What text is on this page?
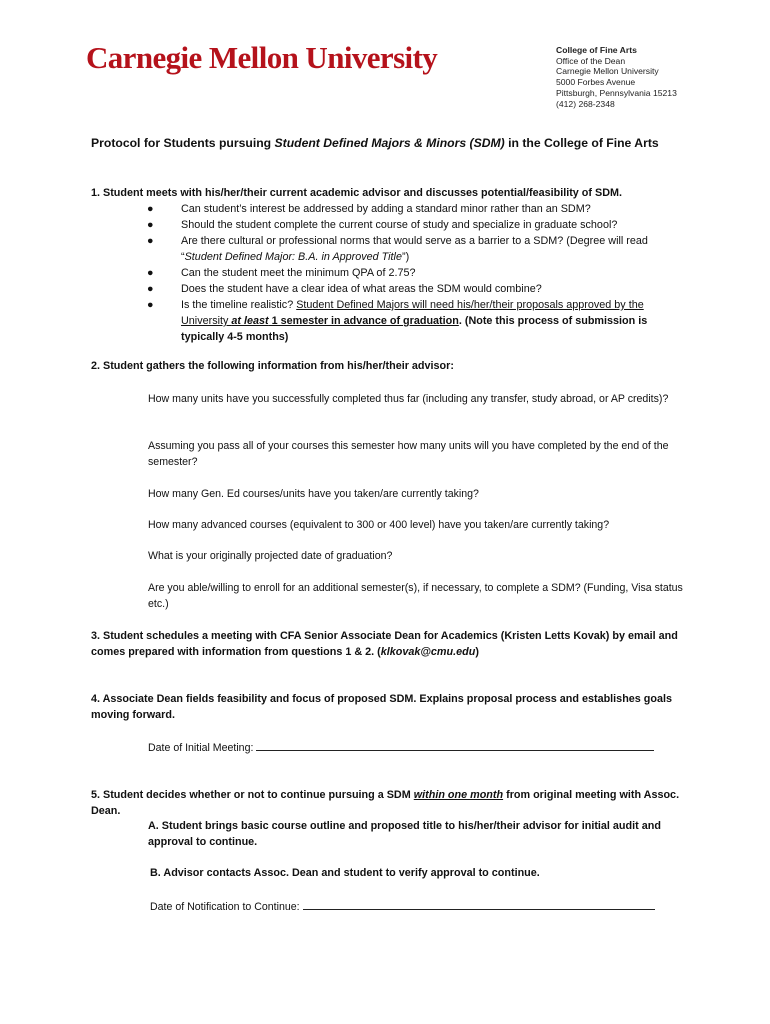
Carnegie Mellon University	College of Fine Arts
Office of the Dean
Carnegie Mellon University
5000 Forbes Avenue
Pittsburgh, Pennsylvania 15213
(412) 268-2348
Protocol for Students pursuing Student Defined Majors & Minors (SDM) in the College of Fine Arts
1. Student meets with his/her/their current academic advisor and discusses potential/feasibility of SDM.
●	Can student’s interest be addressed by adding a standard minor rather than an SDM?
●	Should the student complete the current course of study and specialize in graduate school?
●	Are there cultural or professional norms that would serve as a barrier to a SDM? (Degree will read “Student Defined Major: B.A. in Approved Title”)
●	Can the student meet the minimum QPA of 2.75?
●	Does the student have a clear idea of what areas the SDM would combine?
●	Is the timeline realistic? Student Defined Majors will need his/her/their proposals approved by the University at least 1 semester in advance of graduation. (Note this process of submission is typically 4-5 months)
2. Student gathers the following information from his/her/their advisor:
How many units have you successfully completed thus far (including any transfer, study abroad, or AP credits)?
Assuming you pass all of your courses this semester how many units will you have completed by the end of the semester?
How many Gen. Ed courses/units have you taken/are currently taking?
How many advanced courses (equivalent to 300 or 400 level) have you taken/are currently taking?
What is your originally projected date of graduation?
Are you able/willing to enroll for an additional semester(s), if necessary, to complete a SDM? (Funding, Visa status etc.)
3. Student schedules a meeting with CFA Senior Associate Dean for Academics (Kristen Letts Kovak) by email and comes prepared with information from questions 1 & 2. (klkovak@cmu.edu)
4. Associate Dean fields feasibility and focus of proposed SDM. Explains proposal process and establishes goals moving forward.
Date of Initial Meeting:
5. Student decides whether or not to continue pursuing a SDM within one month from original meeting with Assoc. Dean.
A. Student brings basic course outline and proposed title to his/her/their advisor for initial audit and approval to continue.
B. Advisor contacts Assoc. Dean and student to verify approval to continue.
Date of Notification to Continue:
